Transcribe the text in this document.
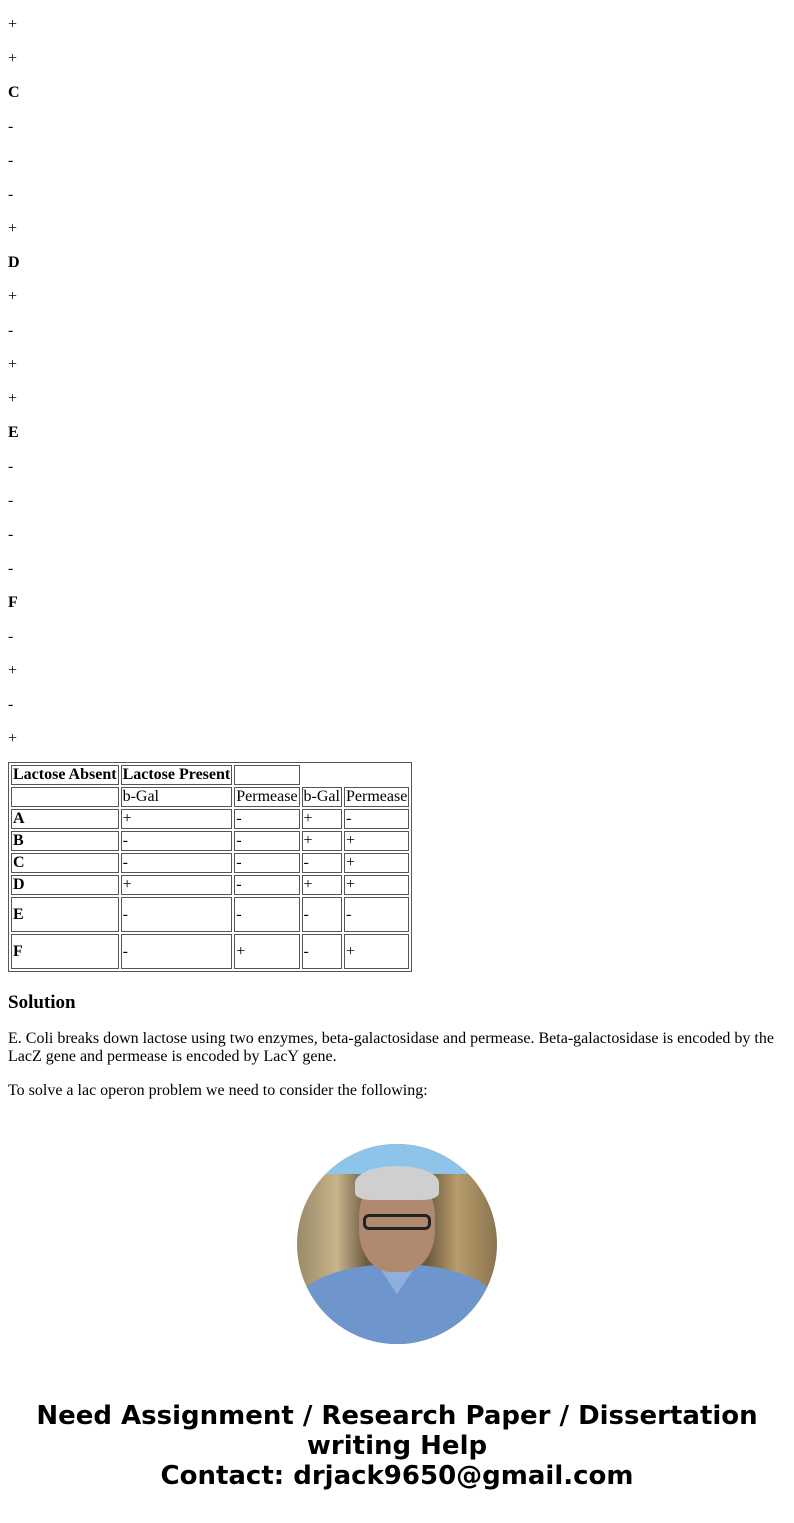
+

+

C

-

-

-

+

D

+

-

+

+

E

-

-

-

-

F

-

+

-

+

Lactose Absent	Lactose Present			
	b-Gal	Permease	b-Gal	Permease
A	+	-	+	-
B	-	-	+	+
C	-	-	-	+
D	+	-	+	+
E	-	-	-	-
F	-	+	-	+
Solution

E. Coli breaks down lactose using two enzymes, beta-galactosidase and permease. Beta-galactosidase is encoded by the LacZ gene and permease is encoded by LacY gene.

To solve a lac operon problem we need to consider the following:

Need Assignment / Research Paper / Dissertation writing Help
Contact: drjack9650@gmail.com
